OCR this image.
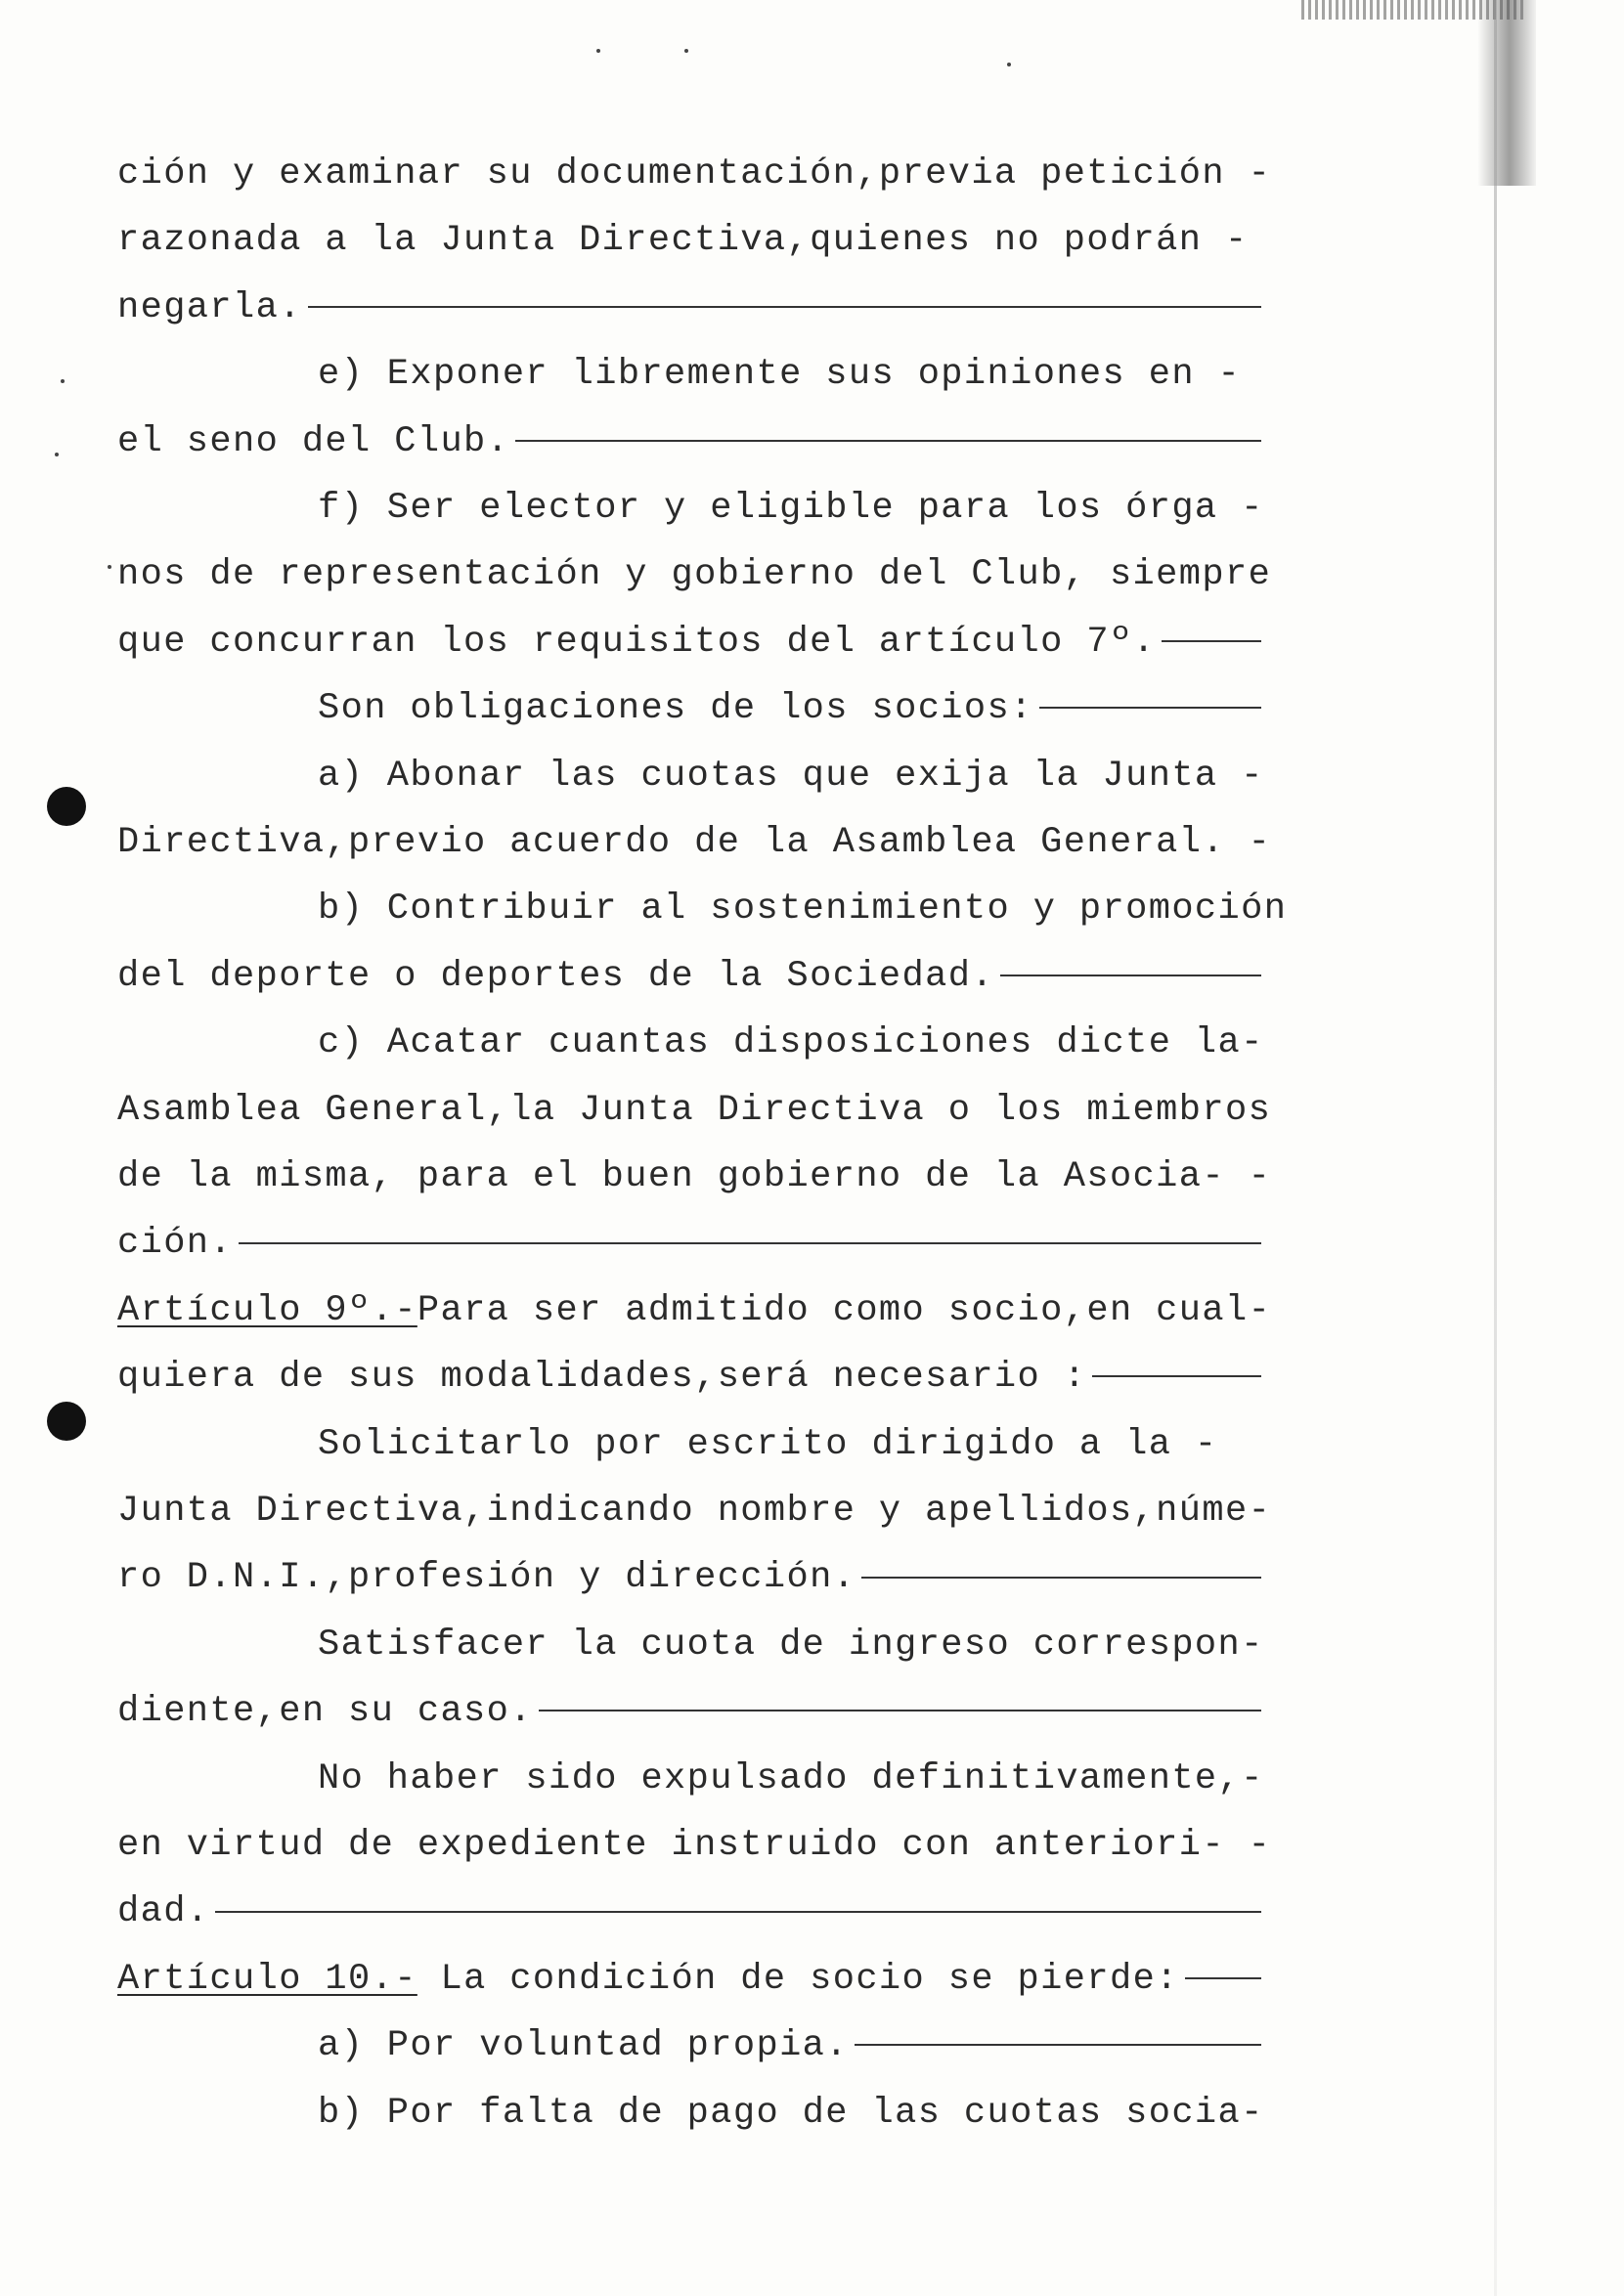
ción y examinar su documentación,previa petición -
razonada a la Junta Directiva,quienes no podrán -
negarla.
e) Exponer libremente sus opiniones en -
el seno del Club.
f) Ser elector y eligible para los órga -
nos de representación y gobierno del Club, siempre
que concurran los requisitos del artículo 7º.
Son obligaciones de los socios:
a) Abonar las cuotas que exija la Junta -
Directiva,previo acuerdo de la Asamblea General. -
b) Contribuir al sostenimiento y promoción
del deporte o deportes de la Sociedad.
c) Acatar cuantas disposiciones dicte la-
Asamblea General,la Junta Directiva o los miembros
de la misma, para el buen gobierno de la Asocia- -
ción.
Artículo 9º.-Para ser admitido como socio,en cual-
quiera de sus modalidades,será necesario :
Solicitarlo por escrito dirigido a la -
Junta Directiva,indicando nombre y apellidos,núme-
ro D.N.I.,profesión y dirección.
Satisfacer la cuota de ingreso correspon-
diente,en su caso.
No haber sido expulsado definitivamente,-
en virtud de expediente instruido con anteriori- -
dad.
Artículo 10.- La condición de socio se pierde:
a) Por voluntad propia.
b) Por falta de pago de las cuotas socia-
